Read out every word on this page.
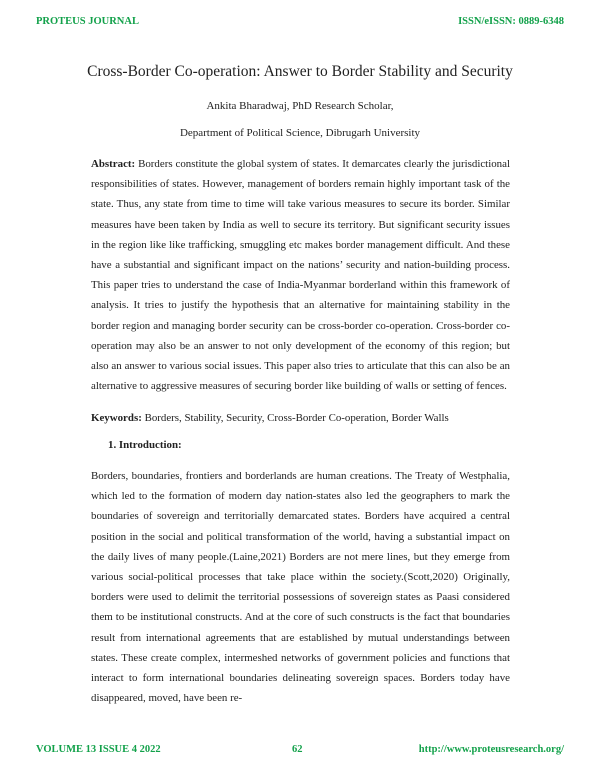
PROTEUS JOURNAL	ISSN/eISSN: 0889-6348
Cross-Border Co-operation: Answer to Border Stability and Security
Ankita Bharadwaj, PhD Research Scholar,
Department of Political Science, Dibrugarh University
Abstract: Borders constitute the global system of states. It demarcates clearly the jurisdictional responsibilities of states. However, management of borders remain highly important task of the state. Thus, any state from time to time will take various measures to secure its border. Similar measures have been taken by India as well to secure its territory. But significant security issues in the region like like trafficking, smuggling etc makes border management difficult. And these have a substantial and significant impact on the nations’ security and nation-building process. This paper tries to understand the case of India-Myanmar borderland within this framework of analysis. It tries to justify the hypothesis that an alternative for maintaining stability in the border region and managing border security can be cross-border co-operation. Cross-border co-operation may also be an answer to not only development of the economy of this region; but also an answer to various social issues. This paper also tries to articulate that this can also be an alternative to aggressive measures of securing border like building of walls or setting of fences.
Keywords: Borders, Stability, Security, Cross-Border Co-operation, Border Walls
1. Introduction:
Borders, boundaries, frontiers and borderlands are human creations. The Treaty of Westphalia, which led to the formation of modern day nation-states also led the geographers to mark the boundaries of sovereign and territorially demarcated states. Borders have acquired a central position in the social and political transformation of the world, having a substantial impact on the daily lives of many people.(Laine,2021) Borders are not mere lines, but they emerge from various social-political processes that take place within the society.(Scott,2020) Originally, borders were used to delimit the territorial possessions of sovereign states as Paasi considered them to be institutional constructs. And at the core of such constructs is the fact that boundaries result from international agreements that are established by mutual understandings between states. These create complex, intermeshed networks of government policies and functions that interact to form international boundaries delineating sovereign spaces. Borders today have disappeared, moved, have been re-
VOLUME 13 ISSUE 4 2022	62	http://www.proteusresearch.org/
